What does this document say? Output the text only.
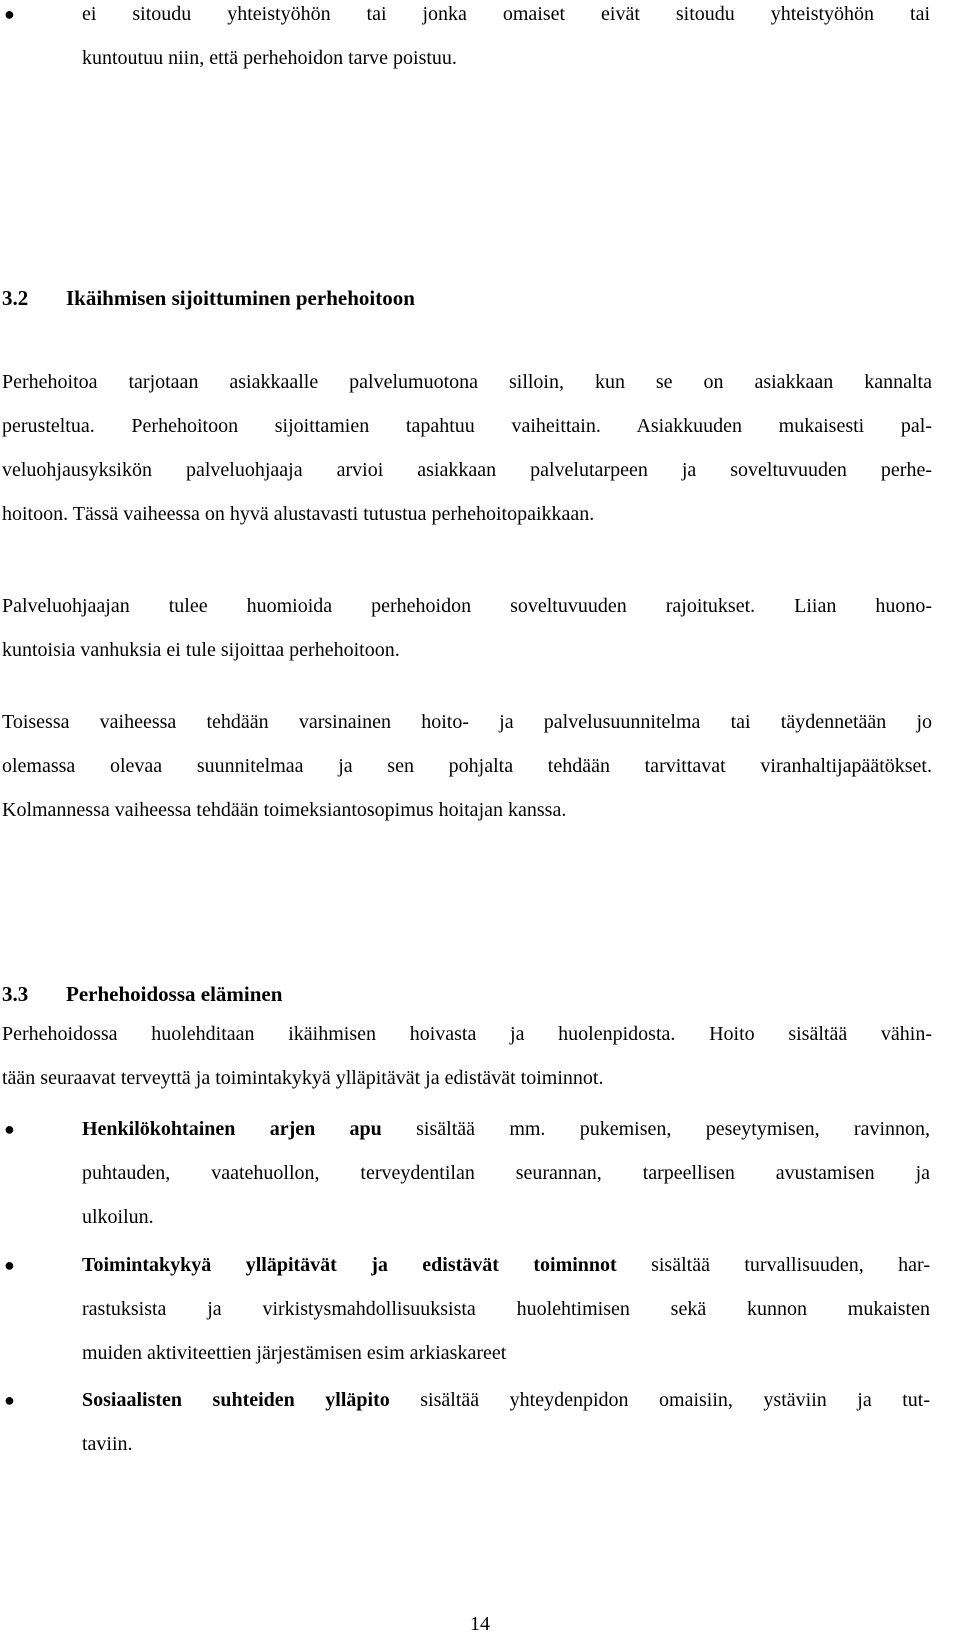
●	ei sitoudu yhteistyöhön tai jonka omaiset eivät sitoudu yhteistyöhön tai
kuntoutuu niin, että perhehoidon tarve poistuu.

3.2 Ikäihmisen sijoittuminen perhehoitoon

Perhehoitoa tarjotaan asiakkaalle palvelumuotona silloin, kun se on asiakkaan kannalta
perusteltua. Perhehoitoon sijoittamien tapahtuu vaiheittain. Asiakkuuden mukaisesti pal-
veluohjausyksikön palveluohjaaja arvioi asiakkaan palvelutarpeen ja soveltuvuuden perhe-
hoitoon. Tässä vaiheessa on hyvä alustavasti tutustua perhehoitopaikkaan.

Palveluohjaajan tulee huomioida perhehoidon soveltuvuuden rajoitukset. Liian huono-
kuntoisia vanhuksia ei tule sijoittaa perhehoitoon.

Toisessa vaiheessa tehdään varsinainen hoito- ja palvelusuunnitelma tai täydennetään jo
olemassa olevaa suunnitelmaa ja sen pohjalta tehdään tarvittavat viranhaltijapäätökset.
Kolmannessa vaiheessa tehdään toimeksiantosopimus hoitajan kanssa.

3.3 Perhehoidossa eläminen

Perhehoidossa huolehditaan ikäihmisen hoivasta ja huolenpidosta. Hoito sisältää vähin-
tään seuraavat terveyttä ja toimintakykyä ylläpitävät ja edistävät toiminnot.

●	Henkilökohtainen arjen apu sisältää mm. pukemisen, peseytymisen, ravinnon,
puhtauden, vaatehuollon, terveydentilan seurannan, tarpeellisen avustamisen ja
ulkoilun.

●	Toimintakykyä ylläpitävät ja edistävät toiminnot sisältää turvallisuuden, har-
rastuksista ja virkistysmahdollisuuksista huolehtimisen sekä kunnon mukaisten
muiden aktiviteettien järjestämisen esim arkiaskareet

●	Sosiaalisten suhteiden ylläpito sisältää yhteydenpidon omaisiin, ystäviin ja tut-
taviin.

14
